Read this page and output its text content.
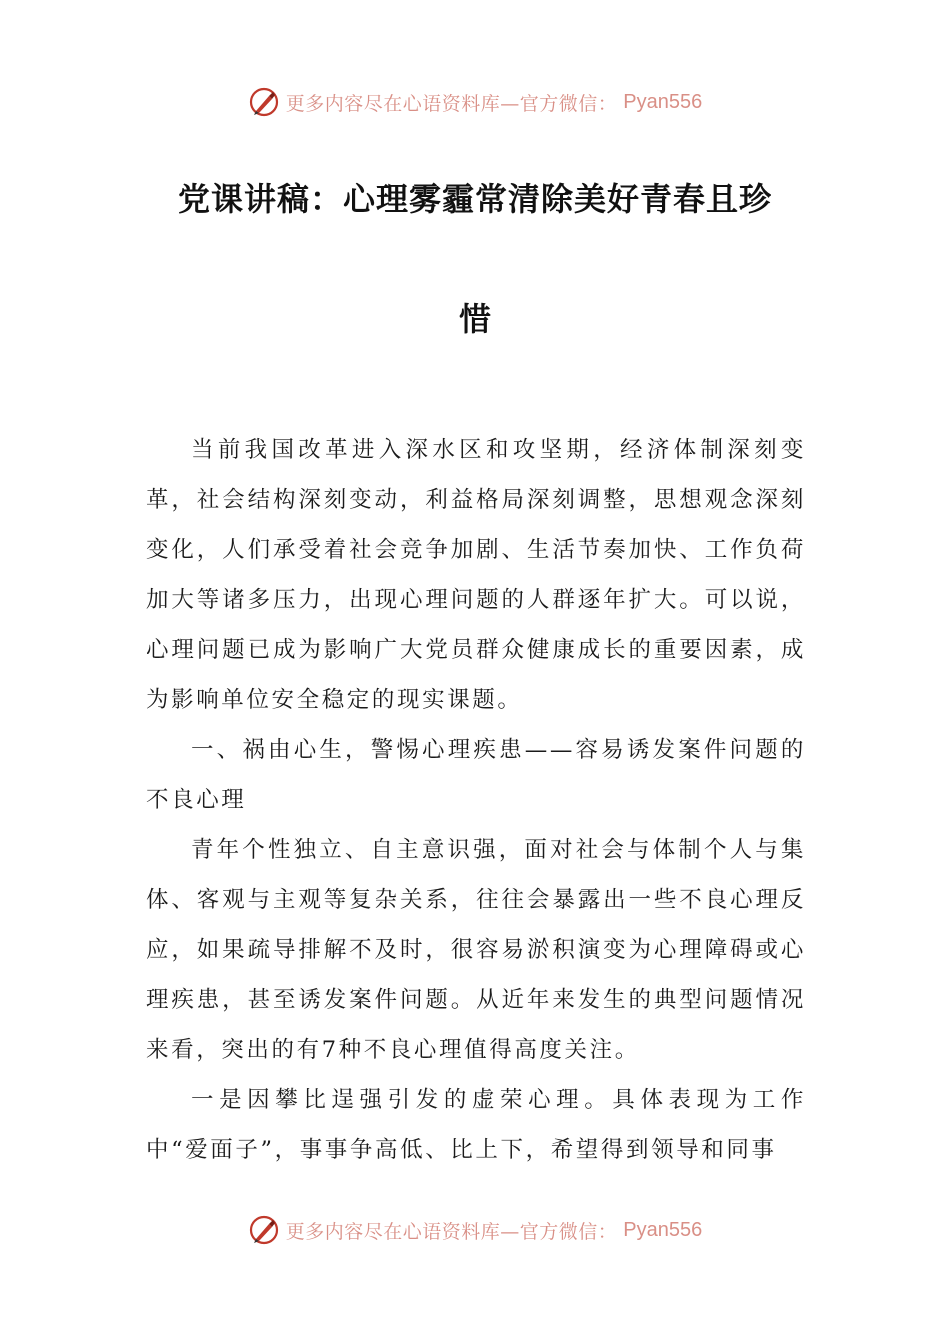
更多内容尽在心语资料库—官方微信： Pyan556
党课讲稿：心理雾霾常清除美好青春且珍
惜

当前我国改革进入深水区和攻坚期，经济体制深刻变革，社会结构深刻变动，利益格局深刻调整，思想观念深刻变化，人们承受着社会竞争加剧、生活节奏加快、工作负荷加大等诸多压力，出现心理问题的人群逐年扩大。可以说，心理问题已成为影响广大党员群众健康成长的重要因素，成为影响单位安全稳定的现实课题。

一、祸由心生，警惕心理疾患——容易诱发案件问题的不良心理

青年个性独立、自主意识强，面对社会与体制个人与集体、客观与主观等复杂关系，往往会暴露出一些不良心理反应，如果疏导排解不及时，很容易淤积演变为心理障碍或心理疾患，甚至诱发案件问题。从近年来发生的典型问题情况来看，突出的有7种不良心理值得高度关注。

一是因攀比逞强引发的虚荣心理。具体表现为工作中“爱面子”，事事争高低、比上下，希望得到领导和同事

更多内容尽在心语资料库—官方微信： Pyan556
